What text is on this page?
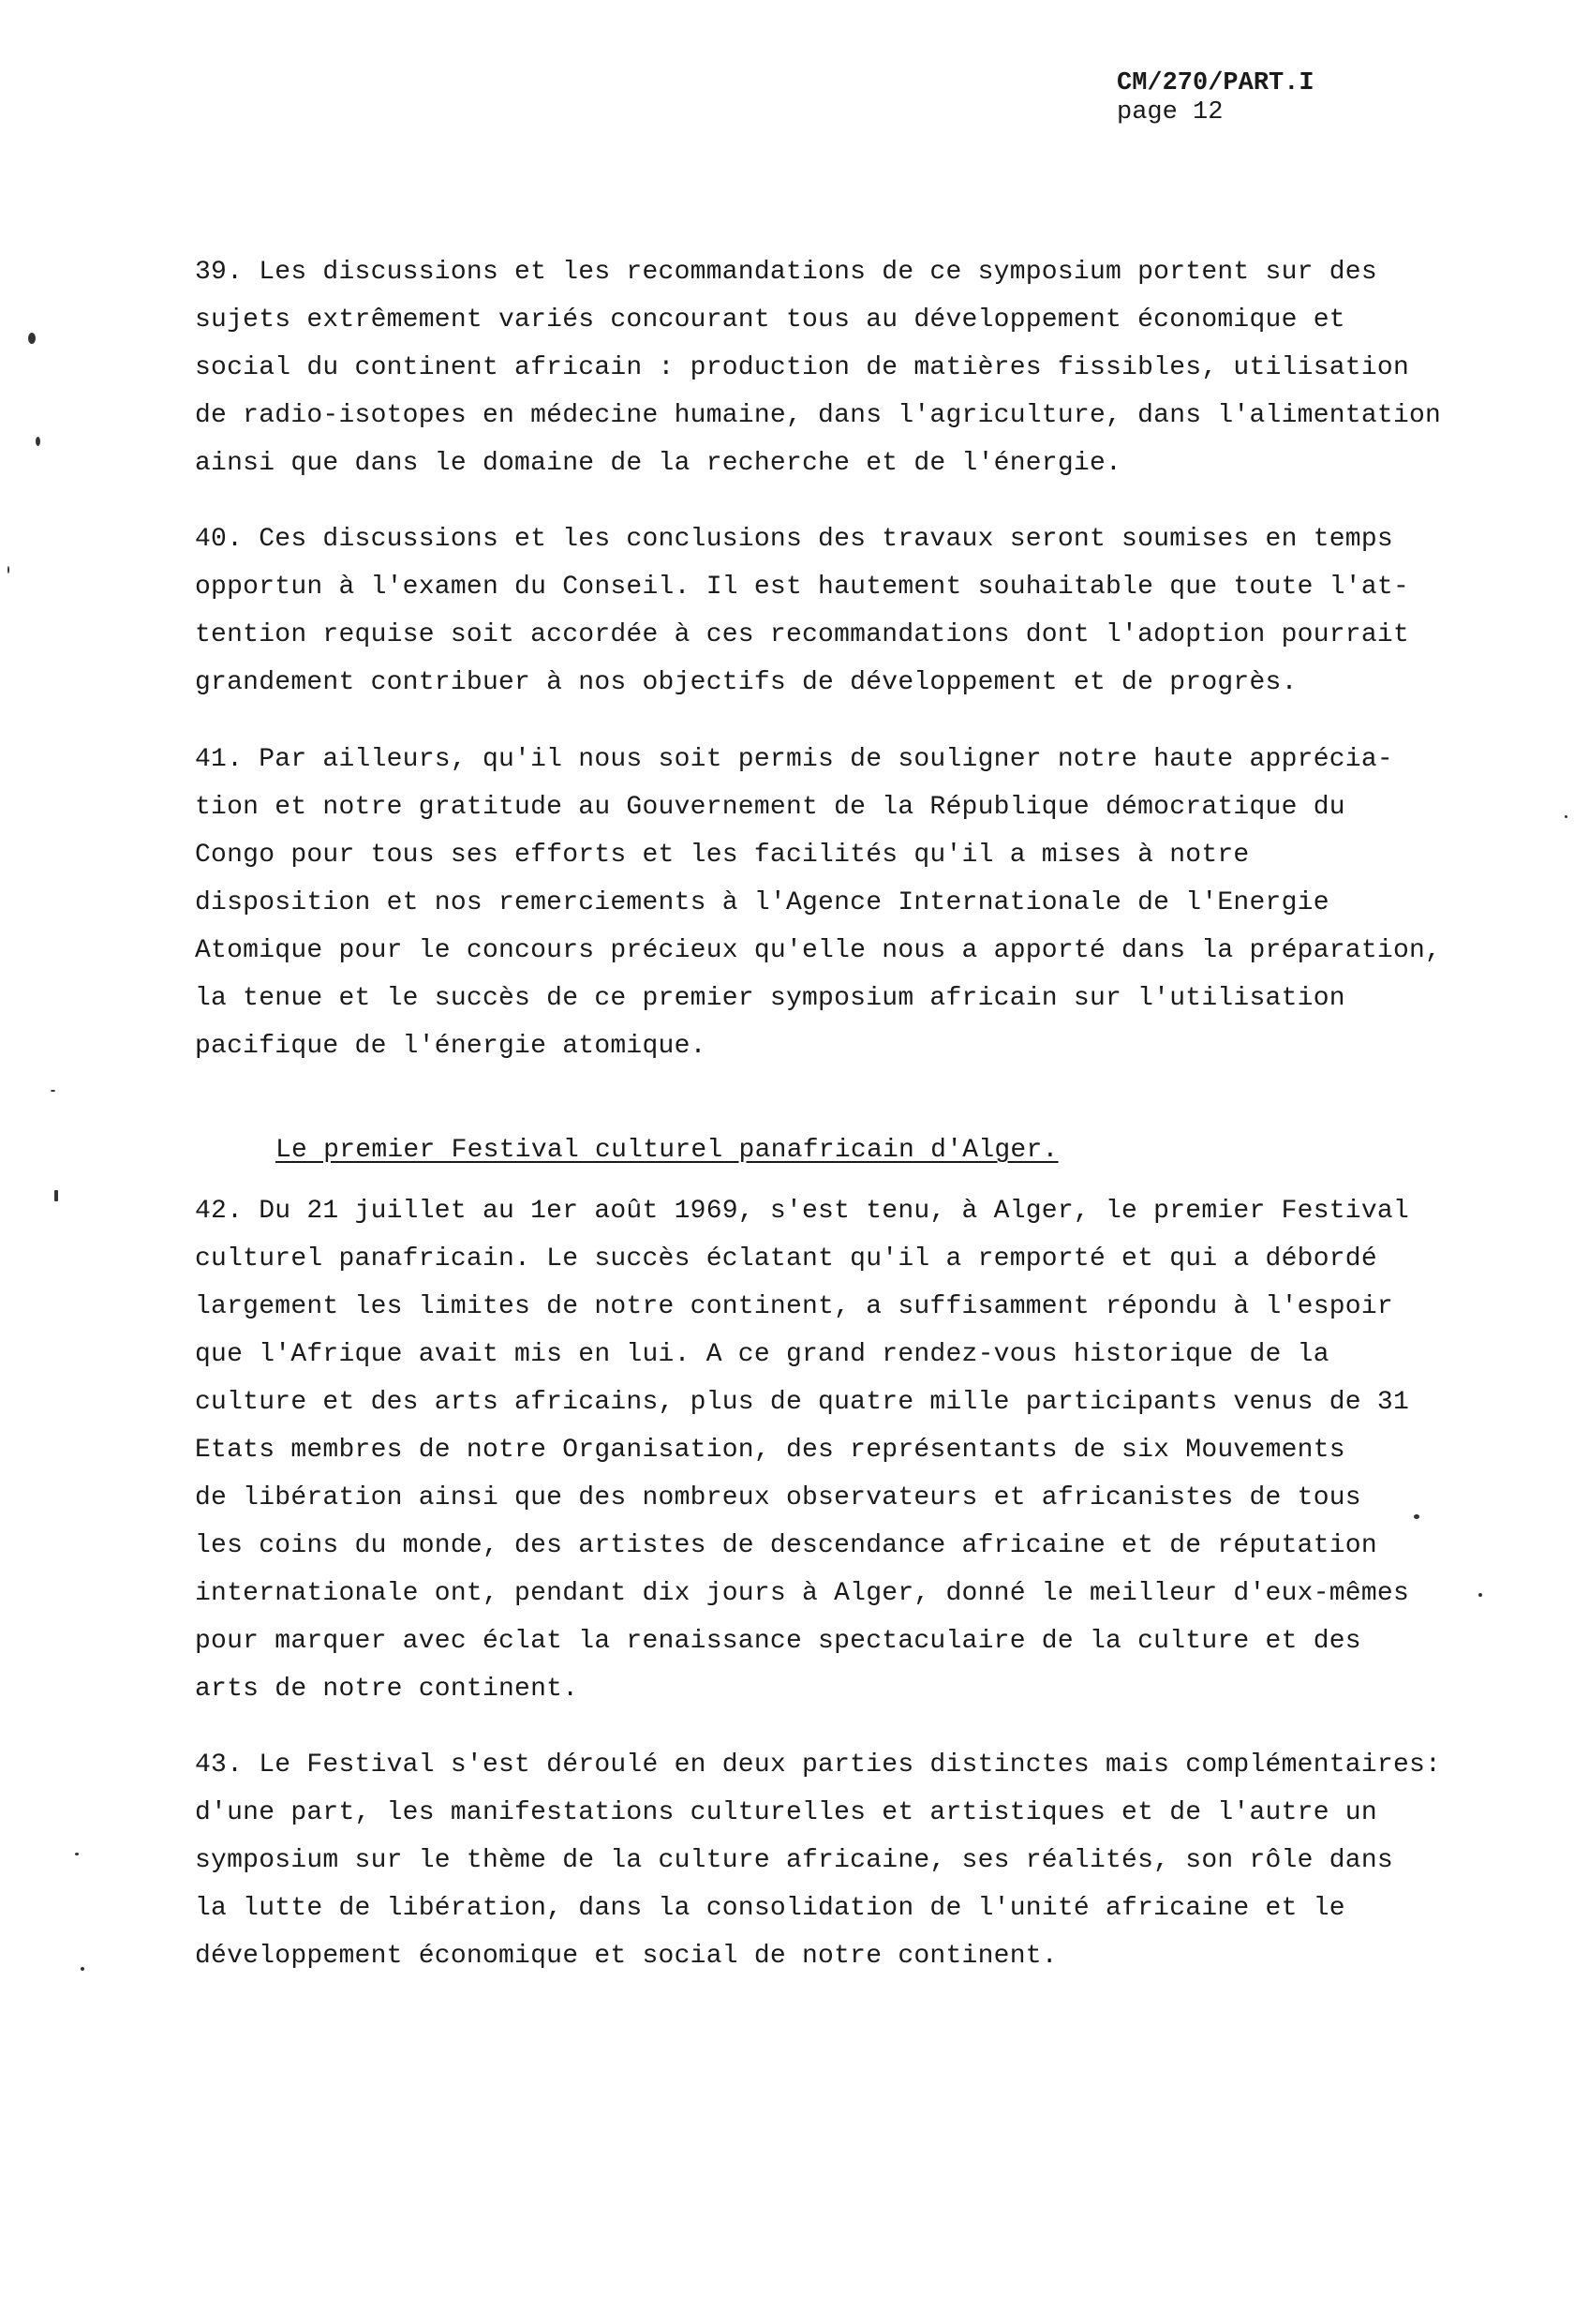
CM/270/PART.I
page 12
39. Les discussions et les recommandations de ce symposium portent sur des
sujets extrêmement variés concourant tous au développement économique et
social du continent africain : production de matières fissibles, utilisation
de radio-isotopes en médecine humaine, dans l'agriculture, dans l'alimentation
ainsi que dans le domaine de la recherche et de l'énergie.
40. Ces discussions et les conclusions des travaux seront soumises en temps
opportun à l'examen du Conseil. Il est hautement souhaitable que toute l'at-
tention requise soit accordée à ces recommandations dont l'adoption pourrait
grandement contribuer à nos objectifs de développement et de progrès.
41. Par ailleurs, qu'il nous soit permis de souligner notre haute apprécia-
tion et notre gratitude au Gouvernement de la République démocratique du
Congo pour tous ses efforts et les facilités qu'il a mises à notre
disposition et nos remerciements à l'Agence Internationale de l'Energie
Atomique pour le concours précieux qu'elle nous a apporté dans la préparation,
la tenue et le succès de ce premier symposium africain sur l'utilisation
pacifique de l'énergie atomique.
Le premier Festival culturel panafricain d'Alger.
42. Du 21 juillet au 1er août 1969, s'est tenu, à Alger, le premier Festival
culturel panafricain. Le succès éclatant qu'il a remporté et qui a débordé
largement les limites de notre continent, a suffisamment répondu à l'espoir
que l'Afrique avait mis en lui. A ce grand rendez-vous historique de la
culture et des arts africains, plus de quatre mille participants venus de 31
Etats membres de notre Organisation, des représentants de six Mouvements
de libération ainsi que des nombreux observateurs et africanistes de tous
les coins du monde, des artistes de descendance africaine et de réputation
internationale ont, pendant dix jours à Alger, donné le meilleur d'eux-mêmes
pour marquer avec éclat la renaissance spectaculaire de la culture et des
arts de notre continent.
43. Le Festival s'est déroulé en deux parties distinctes mais complémentaires:
d'une part, les manifestations culturelles et artistiques et de l'autre un
symposium sur le thème de la culture africaine, ses réalités, son rôle dans
la lutte de libération, dans la consolidation de l'unité africaine et le
développement économique et social de notre continent.
